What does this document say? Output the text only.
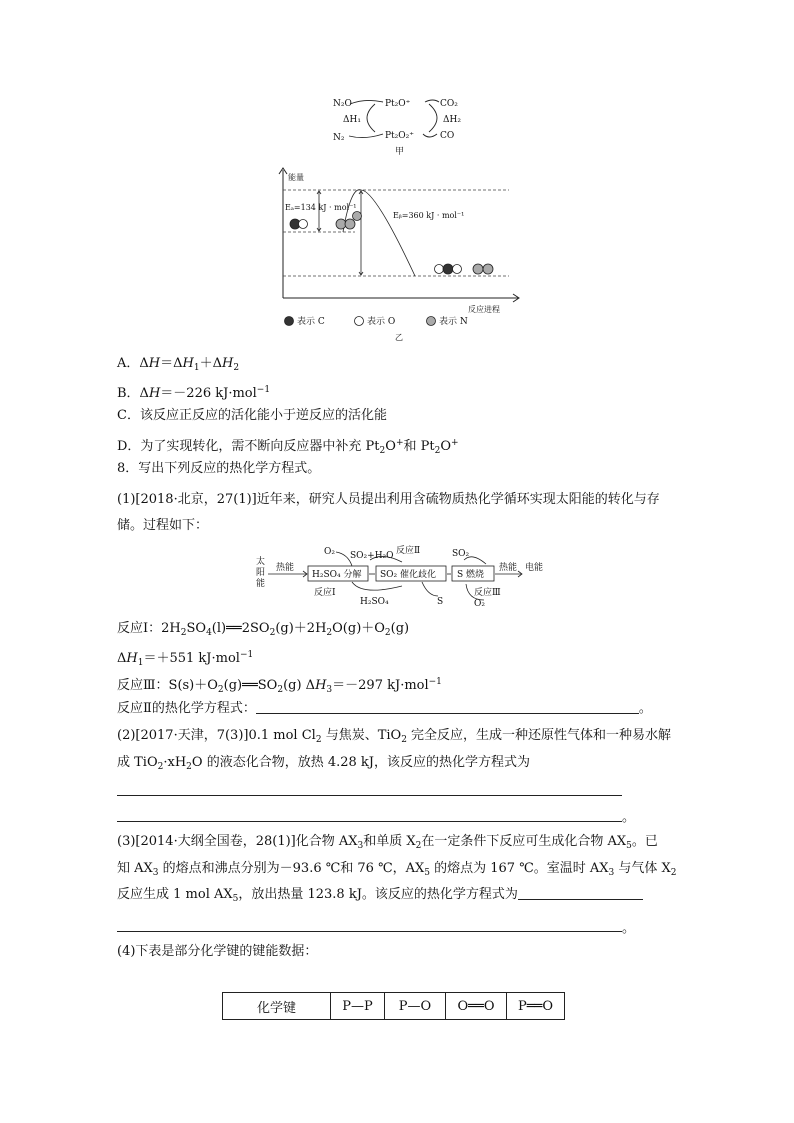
N₂O
ΔH₁
N₂
Pt₂O⁺
Pt₂O₂⁺
CO₂
ΔH₂
CO
甲
能量
Eₐ=134 kJ · mol⁻¹
Eᵦ=360 kJ · mol⁻¹
反应进程
乙
表示 C	表示 O	表示 N
A．$\Delta H=\Delta H_1+\Delta H_2$
B．ΔH＝－226 kJ·mol$^{-1}$
C．该反应正反应的活化能小于逆反应的活化能
D．为了实现转化，需不断向反应器中补充 $Pt_2O^+$和 $Pt_2O^+$
8．写出下列反应的热化学方程式。
(1)[2018·北京，27(1)]近年来，研究人员提出利用含硫物质热化学循环实现太阳能的转化与存
储。过程如下：
太
阳
能
热能
H₂SO₄ 分解 SO₂ 催化歧化 S 燃烧
热能 电能
O₂ SO₂+H₂O 反应Ⅱ	SO₂
反应Ⅰ
H₂SO₄	S
反应Ⅲ
O₂
反应Ⅰ：$2H_2SO_4(l)══2SO_2(g)+2H_2O(g)+O_2(g)$
$\Delta H_1=+551$ kJ·mol$^{-1}$
反应Ⅲ：$S(s)+O_2(g)══SO_2(g)$ $\Delta H_3=-297$ kJ·mol$^{-1}$
反应Ⅱ的热化学方程式：	。
(2)[2017·天津，7(3)]0.1 mol $Cl_2$ 与焦炭、TiO$_2$ 完全反应，生成一种还原性气体和一种易水解
成 $TiO_2\cdot xH_2O$ 的液态化合物，放热 4.28 kJ，该反应的热化学方程式为
。
(3)[2014·大纲全国卷，28(1)]化合物 $AX_3$和单质 $X_2$在一定条件下反应可生成化合物 $AX_5$。已
知 $AX_3$ 的熔点和沸点分别为－93.6 ℃和 76 ℃，$AX_5$ 的熔点为 167 ℃。室温时 $AX_3$ 与气体 $X_2$
反应生成 1 mol $AX_5$，放出热量 123.8 kJ。该反应的热化学方程式为
。
(4)下表是部分化学键的键能数据：
化学键	P—P	P—O	O══O	P══O
